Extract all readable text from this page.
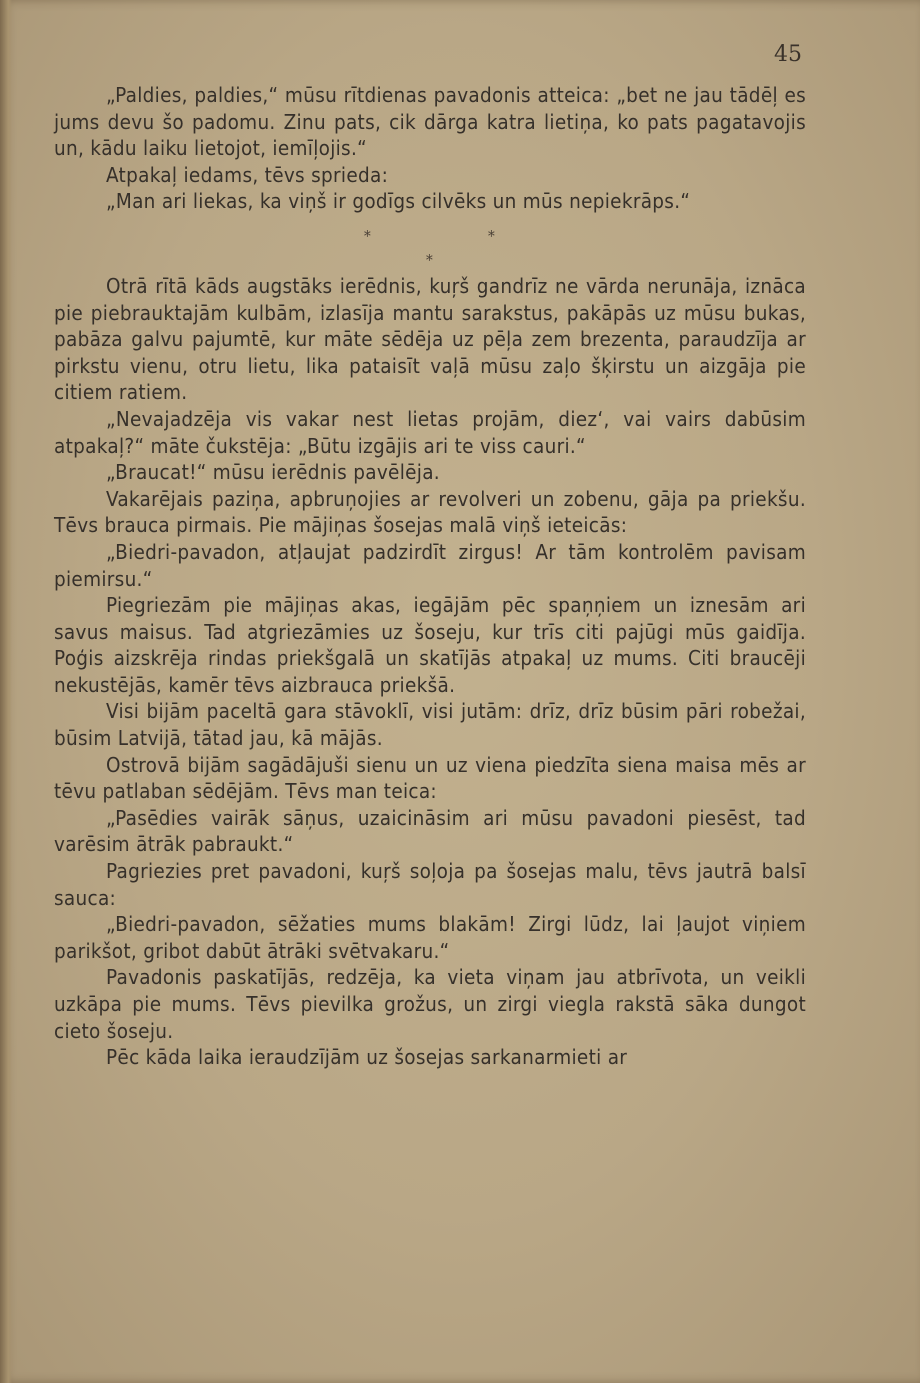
45

„Paldies, paldies,“ mūsu rītdienas pavadonis atteica: „bet ne jau tādēļ es jums devu šo padomu. Zinu pats, cik dārga katra lietiņa, ko pats pagatavojis un, kādu laiku lietojot, iemīļojis.“

Atpakaļ iedams, tēvs sprieda:

„Man ari liekas, ka viņš ir godīgs cilvēks un mūs nepiekrāps.“

*	*
*

Otrā rītā kāds augstāks ierēdnis, kuŗš gandrīz ne vārda nerunāja, iznāca pie piebrauktajām kulbām, izlasīja mantu sarakstus, pakāpās uz mūsu bukas, pabāza galvu pajumtē, kur māte sēdēja uz pēļa zem brezenta, paraudzīja ar pirkstu vienu, otru lietu, lika pataisīt vaļā mūsu zaļo šķirstu un aizgāja pie citiem ratiem.

„Nevajadzēja vis vakar nest lietas projām, diez‘, vai vairs dabūsim atpakaļ?“ māte čukstēja: „Būtu izgājis ari te viss cauri.“

„Braucat!“ mūsu ierēdnis pavēlēja.

Vakarējais paziņa, apbruņojies ar revolveri un zobenu, gāja pa priekšu. Tēvs brauca pirmais. Pie mājiņas šosejas malā viņš ieteicās:

„Biedri-pavadon, atļaujat padzirdīt zirgus! Ar tām kontrolēm pavisam piemirsu.“

Piegriezām pie mājiņas akas, iegājām pēc spaņņiem un iznesām ari savus maisus. Tad atgriezāmies uz šoseju, kur trīs citi pajūgi mūs gaidīja. Poģis aizskrēja rindas priekšgalā un skatījās atpakaļ uz mums. Citi braucēji nekustējās, kamēr tēvs aizbrauca priekšā.

Visi bijām paceltā gara stāvoklī, visi jutām: drīz, drīz būsim pāri robežai, būsim Latvijā, tātad jau, kā mājās.

Ostrovā bijām sagādājuši sienu un uz viena piedzīta siena maisa mēs ar tēvu patlaban sēdējām. Tēvs man teica:

„Pasēdies vairāk sāņus, uzaicināsim ari mūsu pavadoni piesēst, tad varēsim ātrāk pabraukt.“

Pagriezies pret pavadoni, kuŗš soļoja pa šosejas malu, tēvs jautrā balsī sauca:

„Biedri-pavadon, sēžaties mums blakām! Zirgi lūdz, lai ļaujot viņiem parikšot, gribot dabūt ātrāki svētvakaru.“

Pavadonis paskatījās, redzēja, ka vieta viņam jau atbrīvota, un veikli uzkāpa pie mums. Tēvs pievilka grožus, un zirgi viegla rakstā sāka dungot cieto šoseju.

Pēc kāda laika ieraudzījām uz šosejas sarkanarmieti ar
